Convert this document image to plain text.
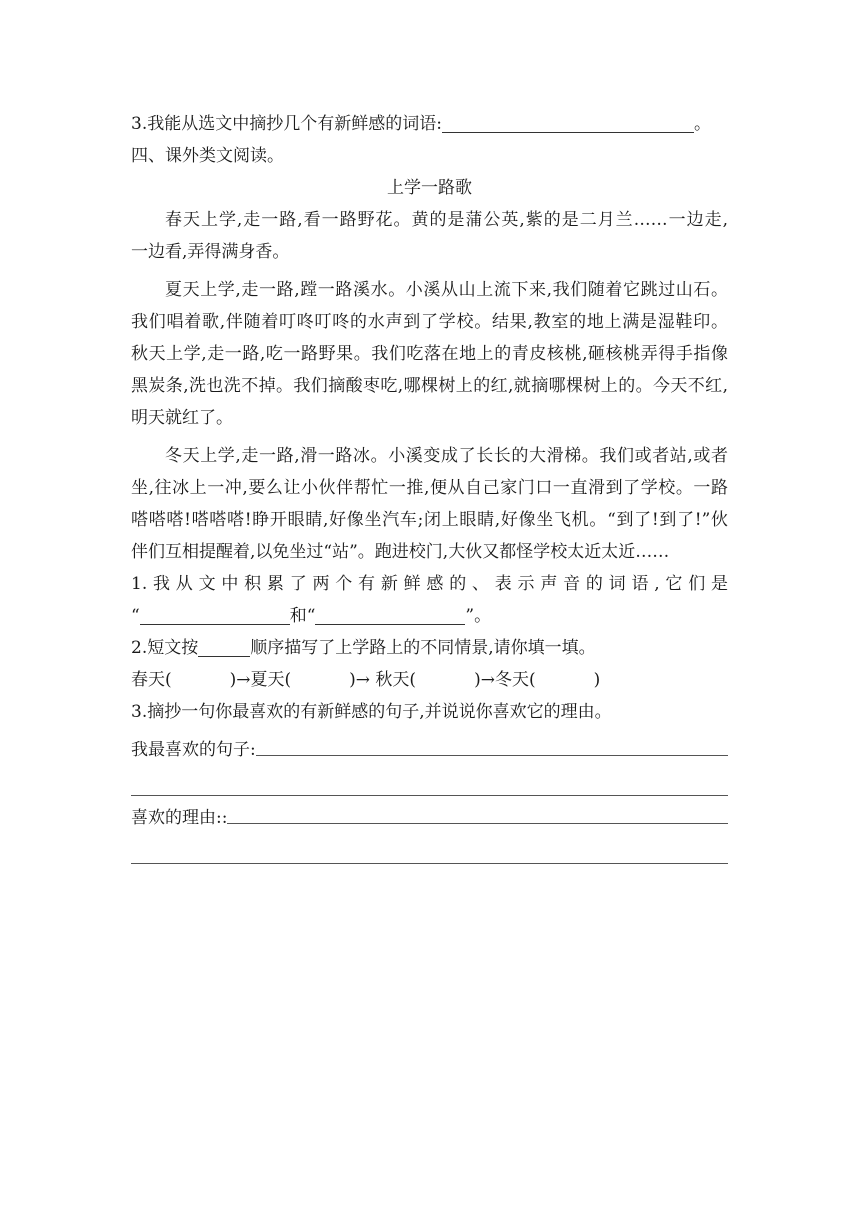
3.我能从选文中摘抄几个有新鲜感的词语:	。
四、课外类文阅读。
上学一路歌
春天上学,走一路,看一路野花。黄的是蒲公英,紫的是二月兰……一边走,
一边看,弄得满身香。
夏天上学,走一路,蹚一路溪水。小溪从山上流下来,我们随着它跳过山石。
我们唱着歌,伴随着叮咚叮咚的水声到了学校。结果,教室的地上满是湿鞋印。
秋天上学,走一路,吃一路野果。我们吃落在地上的青皮核桃,砸核桃弄得手指像
黑炭条,洗也洗不掉。我们摘酸枣吃,哪棵树上的红,就摘哪棵树上的。今天不红,
明天就红了。
冬天上学,走一路,滑一路冰。小溪变成了长长的大滑梯。我们或者站,或者
坐,往冰上一冲,要么让小伙伴帮忙一推,便从自己家门口一直滑到了学校。一路
嗒嗒嗒!嗒嗒嗒!睁开眼睛,好像坐汽车;闭上眼睛,好像坐飞机。“到了!到了!”伙
伴们互相提醒着,以免坐过“站”。跑进校门,大伙又都怪学校太近太近……
1.我从文中积累了两个有新鲜感的、表示声音的词语,它们是
“	和“	”。
2.短文按	顺序描写了上学路上的不同情景,请你填一填。
春天(	)→夏天(	)→ 秋天(	)→冬天(	)
3.摘抄一句你最喜欢的有新鲜感的句子,并说说你喜欢它的理由。
我最喜欢的句子:
喜欢的理由::
